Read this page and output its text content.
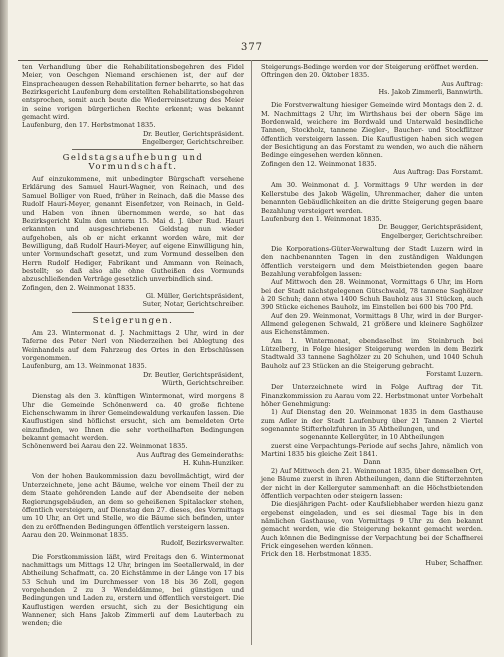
377

ten Verhandlung über die Rehabilitationsbegehren des Fidel Meier, von Oeschgen Niemand erschienen ist, der auf der Einspracheaugen dessen Rehabilitation ferner beharrte, so hat das Bezirksgericht Laufenburg dem erstellten Rehabilitationsbegehren entsprochen, somit auch beute die Wiederreinsetzung des Meier in seine vorigen bürgerlichen Rechte erkennt; was bekannt gemacht wird.

Laufenburg, den 17. Herbstmonat 1835.

Dr. Beutler, Gerichtspräsident.

Engelberger, Gerichtschreiber.

Geldstagsaufhebung und Vormundschaft.

Auf einzukommene, mit unbedingter Bürgschaft versehene Erklärung des Samuel Hauri-Wagner, von Reinach, und des Samuel Bolliger von Rued, früher in Reinach, daß die Masse des Rudolf Hauri-Meyer, genannt Eisenfetzer, von Reinach, in Geld- und Haben von ihnen übernommen werde, so hat das Bezirksgericht Kulm den unterm 15. Mai d. J. über Rud. Hauri erkannten und ausgeschriebenen Geldstag nun wieder aufgehoben, als ob er nicht erkannt worden wäre, mit der Bewilligung, daß Rudolf Hauri-Meyer, auf eigene Einwilligung hin, unter Vormundschaft gesetzt, und zum Vormund desselben den Herrn Rudolf Hediger, Fabrikant und Ammann von Reinach, bestellt; so daß also alle ohne Gutheißen des Vormunds abzuschließenden Verträge gesetzlich unverbindlich sind.

Zofingen, den 2. Weinmonat 1835.

Gl. Müller, Gerichtspräsident,

Suter, Notar, Gerichtschreiber.

Steigerungen.

Am 23. Wintermonat d. J. Nachmittags 2 Uhr, wird in der Taferne des Peter Nerl von Niederzeihen bei Ablegtung des Weinhandels auf dem Fahrzeug des Ortes in den Erbschlüssen vorgenommen.

Laufenburg, am 13. Weinmonat 1835.

Dr. Beutler, Gerichtspräsident,

Würth, Gerichtschreiber.

Dienstag als den 3. künftigen Wintermonat, wird morgens 8 Uhr die Gemeinde Schönenwerd ca. 40 große fichtene Eichenschwamm in ihrer Gemeindewaldung verkaufen lassen. Die Kauflustigen sind höflichst ersucht, sich am bemeldeten Orte einzufinden, wo Ihnen die sehr vortheilhaften Bedingungen bekannt gemacht werden.

Schönenwerd bei Aarau den 22. Weinmonat 1835.

Aus Auftrag des Gemeinderaths:

H. Kuhn-Hunziker.

Von der hohen Baukommission dazu bevollmächtigt, wird der Unterzeichnete, jene acht Bäume, welche vor einem Theil der zu dem Staate gehörenden Lande auf der Abendseite der neben Regierungsgebäuden, an dem so geheißenen Spitalacker stehen, öffentlich versteigern, auf Dienstag den 27. dieses, des Vormittags um 10 Uhr, an Ort und Stelle, wo die Bäume sich befinden, unter den zu eröffnenden Bedingungen öffentlich versteigern lassen.

Aarau den 20. Weinmonat 1835.

Rudolf, Bezirksverwalter.

Die Forstkommission läßt, wird Freitags den 6. Wintermonat nachmittags um Mittags 12 Uhr, bringen im Seetallerwald, in der Abtheilung Schafmatt, ca. 20 Eichstämme in der Länge von 17 bis 53 Schuh und im Durchmesser von 18 bis 36 Zoll, gegen vorgehenden 2 zu 3 Wendeldämme, bei günstigen und Bedingungen und Laden zu, erstern und öffentlich versteigert. Die Kauflustigen werden ersucht, sich zu der Besichtigung ein Wannener, sich Hans Jakob Zimmerli auf dem Lauterbach zu wenden; die

Steigerungs-Bedinge werden vor der Steigerung eröffnet werden.

Oftringen den 20. Oktober 1835.

Aus Auftrag:

Hs. Jakob Zimmerli, Bannwirth.

Die Forstverwaltung hiesiger Gemeinde wird Montags den 2. d. M. Nachmittags 2 Uhr, im Wirthshaus bei der obern Säge im Bordenwald, weichere im Bordwald und Unterwald besindliche Tannen, Stockholz, tannene Ziegler-, Baucher- und Stockflitzer öffentlich versteigern lassen. Die Kauflustigen haben sich wegen der Besichtigung an das Forstamt zu wenden, wo auch die nähern Bedinge eingesehen werden können.

Zofingen den 12. Weinmonat 1835.

Aus Auftrag: Das Forstamt.

Am 30. Weinmonat d. J. Vormittags 9 Uhr werden in der Kellerstube des Jakob Wägelin, Uhrenmacher, daher die unten benannten Gebäudlichkeiten an die dritte Steigerung gegen baare Bezahlung versteigert werden.

Laufenburg den 1. Weinmonat 1835.

Dr. Beugger, Gerichtspräsident,

Engelberger, Gerichtschreiber.

Die Korporations-Güter-Verwaltung der Stadt Luzern wird in den nachbenannten Tagen in den zuständigen Waldungen öffentlich versteigern und dem Meistbietenden gegen baare Bezahlung verabfolgen lassen:

Auf Mittwoch den 28. Weinmonat, Vormittags 6 Uhr, im Horn bei der Stadt nächstgelegenen Gütschwald, 78 tannene Saghölzer à 20 Schuh; dann etwa 1400 Schuh Bauholz aus 31 Stücken, auch 390 Stücke eichenes Bauholz, im Einstellen bei 600 bis 700 Pfd.

Auf den 29. Weinmonat, Vormittags 8 Uhr, wird in der Burger-Allmend gelegenen Schwald, 21 größere und kleinere Saghölzer aus Eichenstämmen.

Am 1. Wintermonat, ebendaselbst im Steinbruch bei Lützelberg, in Folge hiesiger Steigerung werden in dem Bezirk Stadtwald 33 tannene Saghölzer zu 20 Schuhen, und 1040 Schuh Bauholz auf 23 Stücken an die Steigerung gebracht.

Forstamt Luzern.

Der Unterzeichnete wird in Folge Auftrag der Tit. Finanzkommission zu Aarau vom 22. Herbstmonat unter Vorbehalt höher Genehmigung:

1) Auf Dienstag den 20. Weinmonat 1835 in dem Gasthause zum Adler in der Stadt Laufenburg über 21 Tannen 2 Viertel sogenannte Stifterholzfuhren in 35 Abtheilungen, und

sogenannte Kellergüter, in 10 Abtheilungen

zuerst eine Verpachtungs-Periode auf sechs Jahre, nämlich von Martini 1835 bis gleiche Zeit 1841.

Dann

2) Auf Mittwoch den 21. Weinmonat 1835, über demselben Ort, jene Bäume zuerst in ihren Abtheilungen, dann die Stifterzehnten der nicht in der Kellerguter sammenhaft an die Höchstbietenden öffentlich verpachten oder steigern lassen:

Die diesjährigen Pacht- oder Kaufsliebhaber werden hiezu ganz ergebenst eingeladen, und es sei diesmal Tage bis in den nämlichen Gasthause, von Vormittags 9 Uhr zu den bekannt gemacht werden, wie die Steigerung bekannt gemacht werden. Auch können die Bedingnisse der Verpachtung bei der Schaffnerei Frick eingesehen werden können.

Frick den 18. Herbstmonat 1835.

Huber, Schaffner.
